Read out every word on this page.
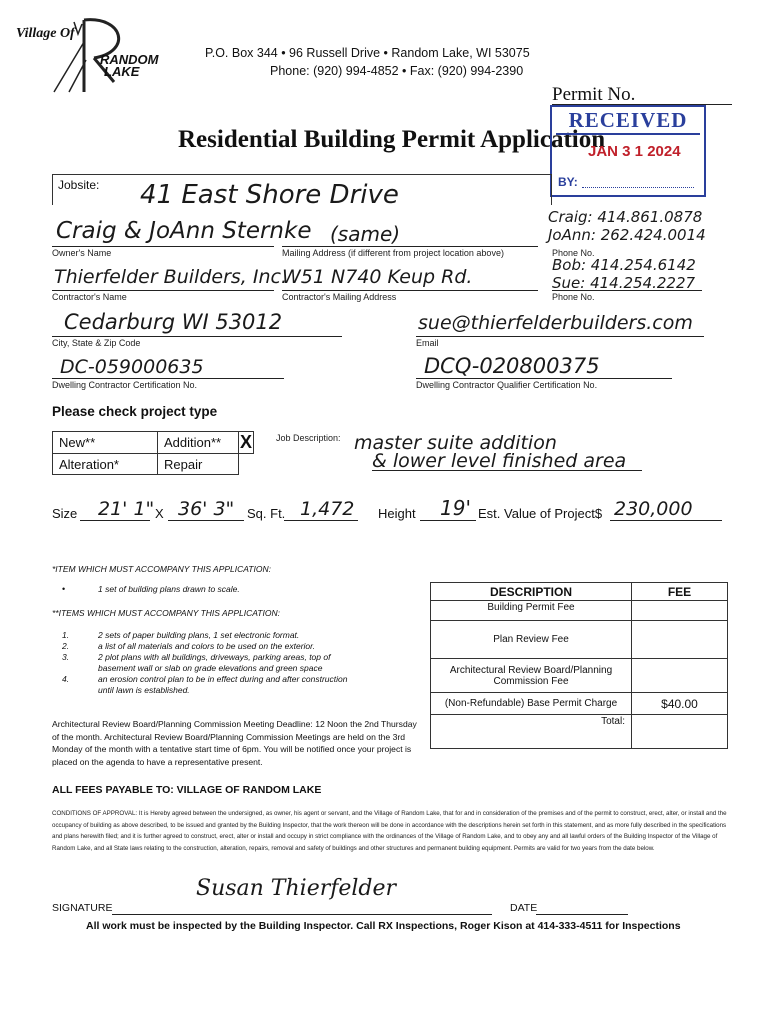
Village Of
RANDOM
LAKE
P.O. Box 344 • 96 Russell Drive • Random Lake, WI 53075
Phone: (920) 994-4852 • Fax: (920) 994-2390
Permit No.
Residential Building Permit Application
RECEIVED
JAN 3 1 2024
BY:
Jobsite: 41 East Shore Drive
Craig & JoAnn Sternke
Owner's Name
(same)
Mailing Address (if different from project location above)
Craig: 414.861.0878
JoAnn: 262.424.0014
Phone No.
Thierfelder Builders, Inc.
Contractor's Name
W51 N740 Keup Rd.
Contractor's Mailing Address
Bob: 414.254.6142
Sue: 414.254.2227
Phone No.
Cedarburg WI 53012
City, State & Zip Code
sue@thierfelderbuilders.com
Email
DC-059000635
Dwelling Contractor Certification No.
DCQ-020800375
Dwelling Contractor Qualifier Certification No.
Please check project type
New**	Addition**	X
Alteration*	Repair	
Job Description: master suite addition
& lower level finished area
Size 21' 1" X 36' 3" Sq. Ft. 1,472 Height 19' Est. Value of Project$ 230,000
*ITEM WHICH MUST ACCOMPANY THIS APPLICATION:
•	1 set of building plans drawn to scale.
**ITEMS WHICH MUST ACCOMPANY THIS APPLICATION:
1.	2 sets of paper building plans, 1 set electronic format.
2.	a list of all materials and colors to be used on the exterior.
3.	2 plot plans with all buildings, driveways, parking areas, top of basement wall or slab on grade elevations and green space
4.	an erosion control plan to be in effect during and after construction until lawn is established.
Architectural Review Board/Planning Commission Meeting Deadline: 12 Noon the 2nd Thursday of the month. Architectural Review Board/Planning Commission Meetings are held on the 3rd Monday of the month with a tentative start time of 6pm. You will be notified once your project is placed on the agenda to have a representative present.
DESCRIPTION	FEE
Building Permit Fee	
Plan Review Fee	
Architectural Review Board/Planning Commission Fee	
(Non-Refundable) Base Permit Charge	$40.00
Total:	
ALL FEES PAYABLE TO: VILLAGE OF RANDOM LAKE
CONDITIONS OF APPROVAL: It is Hereby agreed between the undersigned, as owner, his agent or servant, and the Village of Random Lake, that for and in consideration of the premises and of the permit to construct, erect, alter, or install and the occupancy of building as above described, to be issued and granted by the Building Inspector, that the work thereon will be done in accordance with the descriptions herein set forth in this statement, and as more fully described in the specifications and plans herewith filed; and it is further agreed to construct, erect, alter or install and occupy in strict compliance with the ordinances of the Village of Random Lake, and to obey any and all lawful orders of the Building Inspector of the Village of Random Lake, and all State laws relating to the construction, alteration, repairs, removal and safety of buildings and other structures and permanent building equipment. Permits are valid for two years from the date below.
SIGNATURE
Susan Thierfelder
DATE
All work must be inspected by the Building Inspector. Call RX Inspections, Roger Kison at 414-333-4511 for Inspections
